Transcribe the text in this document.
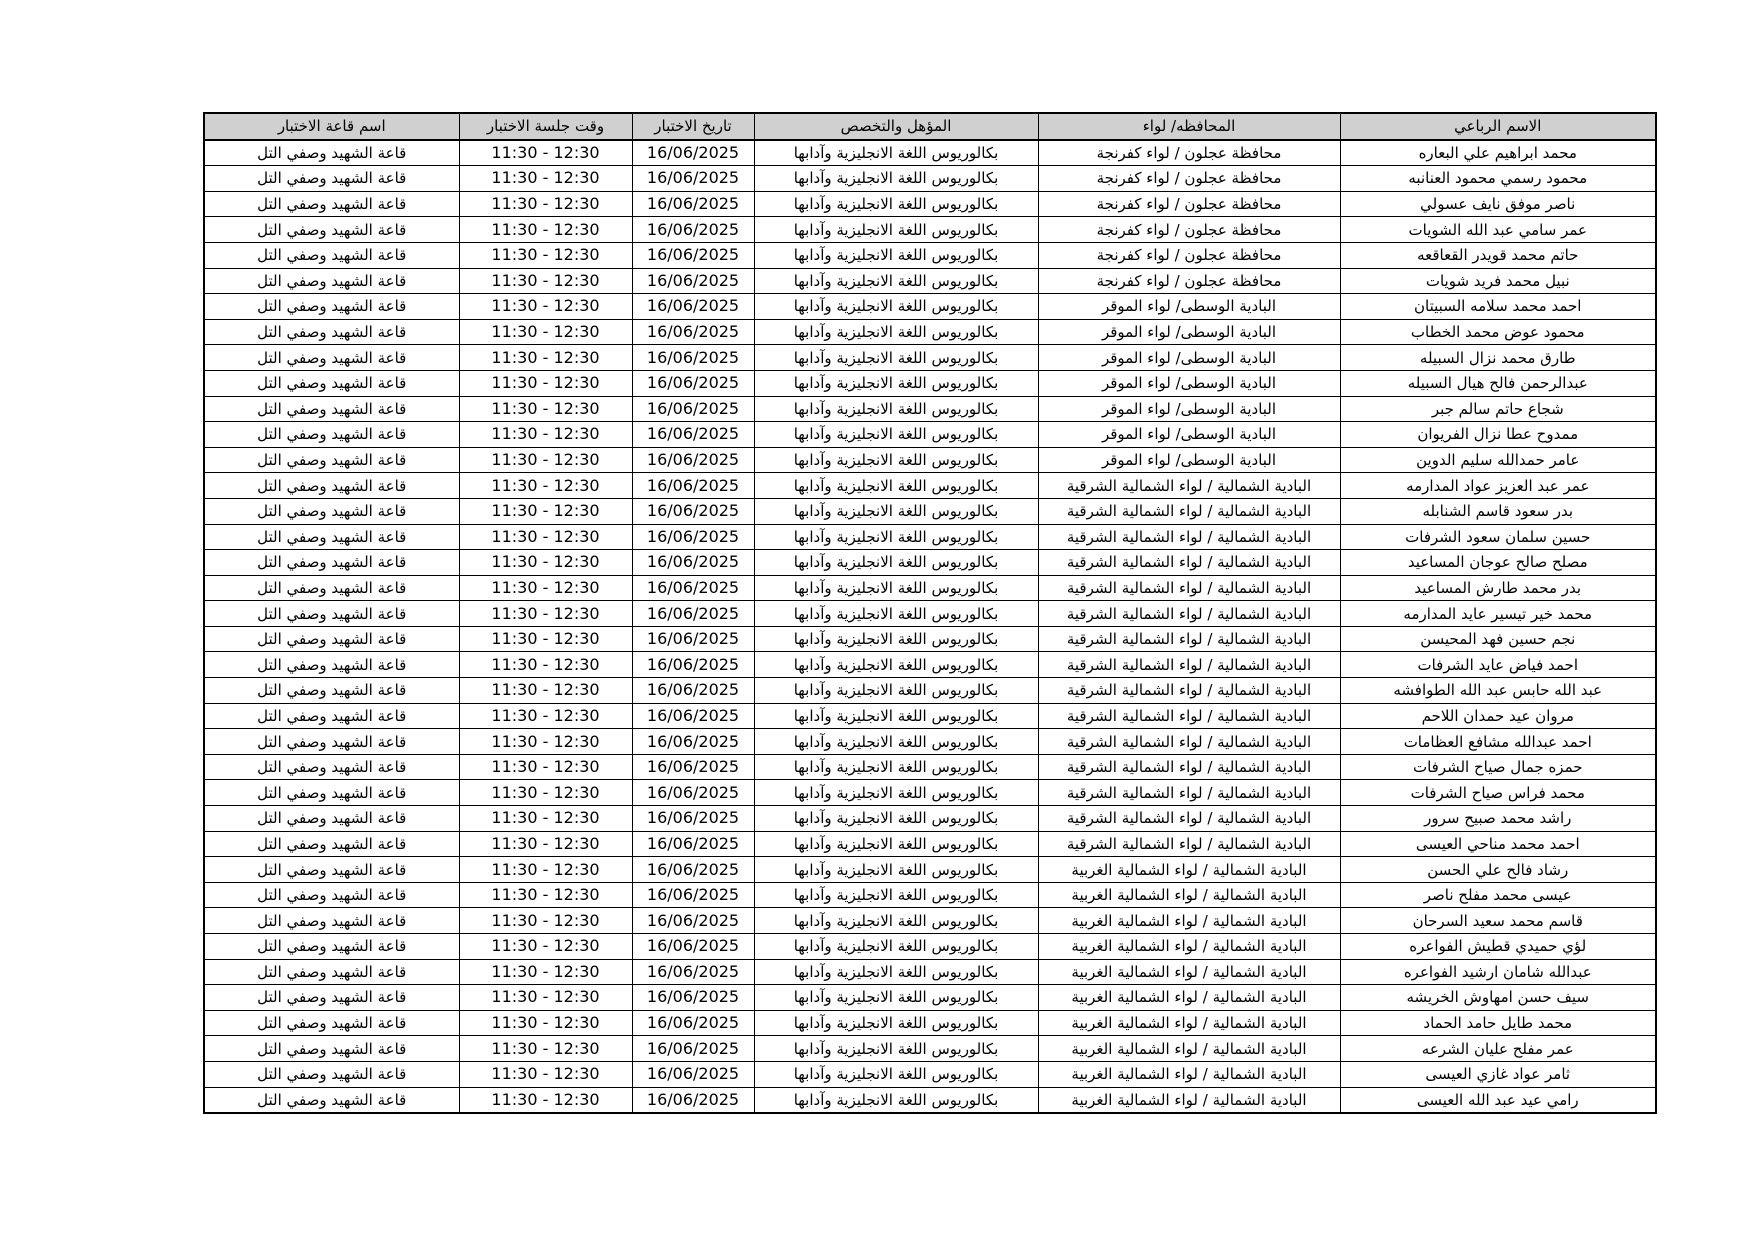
الاسم الرباعي	المحافظه/ لواء	المؤهل والتخصص	تاريخ الاختبار	وقت جلسة الاختبار	اسم قاعة الاختبار
محمد ابراهيم علي البعاره	محافظة عجلون / لواء كفرنجة	بكالوريوس اللغة الانجليزية وآدابها	16/06/2025	11:30 - 12:30	قاعة الشهيد وصفي التل
محمود رسمي محمود العنانبه	محافظة عجلون / لواء كفرنجة	بكالوريوس اللغة الانجليزية وآدابها	16/06/2025	11:30 - 12:30	قاعة الشهيد وصفي التل
ناصر موفق نايف عسولي	محافظة عجلون / لواء كفرنجة	بكالوريوس اللغة الانجليزية وآدابها	16/06/2025	11:30 - 12:30	قاعة الشهيد وصفي التل
عمر سامي عبد الله الشويات	محافظة عجلون / لواء كفرنجة	بكالوريوس اللغة الانجليزية وآدابها	16/06/2025	11:30 - 12:30	قاعة الشهيد وصفي التل
حاتم محمد قويدر القعاقعه	محافظة عجلون / لواء كفرنجة	بكالوريوس اللغة الانجليزية وآدابها	16/06/2025	11:30 - 12:30	قاعة الشهيد وصفي التل
نبيل محمد فريد شويات	محافظة عجلون / لواء كفرنجة	بكالوريوس اللغة الانجليزية وآدابها	16/06/2025	11:30 - 12:30	قاعة الشهيد وصفي التل
احمد محمد سلامه السبيتان	البادية الوسطى/ لواء الموقر	بكالوريوس اللغة الانجليزية وآدابها	16/06/2025	11:30 - 12:30	قاعة الشهيد وصفي التل
محمود عوض محمد الخطاب	البادية الوسطى/ لواء الموقر	بكالوريوس اللغة الانجليزية وآدابها	16/06/2025	11:30 - 12:30	قاعة الشهيد وصفي التل
طارق محمد نزال السبيله	البادية الوسطى/ لواء الموقر	بكالوريوس اللغة الانجليزية وآدابها	16/06/2025	11:30 - 12:30	قاعة الشهيد وصفي التل
عبدالرحمن فالح هيال السبيله	البادية الوسطى/ لواء الموقر	بكالوريوس اللغة الانجليزية وآدابها	16/06/2025	11:30 - 12:30	قاعة الشهيد وصفي التل
شجاع حاتم سالم جبر	البادية الوسطى/ لواء الموقر	بكالوريوس اللغة الانجليزية وآدابها	16/06/2025	11:30 - 12:30	قاعة الشهيد وصفي التل
ممدوح عطا نزال الفريوان	البادية الوسطى/ لواء الموقر	بكالوريوس اللغة الانجليزية وآدابها	16/06/2025	11:30 - 12:30	قاعة الشهيد وصفي التل
عامر حمدالله سليم الدوين	البادية الوسطى/ لواء الموقر	بكالوريوس اللغة الانجليزية وآدابها	16/06/2025	11:30 - 12:30	قاعة الشهيد وصفي التل
عمر عبد العزيز عواد المدارمه	البادية الشمالية / لواء الشمالية الشرقية	بكالوريوس اللغة الانجليزية وآدابها	16/06/2025	11:30 - 12:30	قاعة الشهيد وصفي التل
بدر سعود قاسم الشنابله	البادية الشمالية / لواء الشمالية الشرقية	بكالوريوس اللغة الانجليزية وآدابها	16/06/2025	11:30 - 12:30	قاعة الشهيد وصفي التل
حسين سلمان سعود الشرفات	البادية الشمالية / لواء الشمالية الشرقية	بكالوريوس اللغة الانجليزية وآدابها	16/06/2025	11:30 - 12:30	قاعة الشهيد وصفي التل
مصلح صالح عوجان المساعيد	البادية الشمالية / لواء الشمالية الشرقية	بكالوريوس اللغة الانجليزية وآدابها	16/06/2025	11:30 - 12:30	قاعة الشهيد وصفي التل
بدر محمد طارش المساعيد	البادية الشمالية / لواء الشمالية الشرقية	بكالوريوس اللغة الانجليزية وآدابها	16/06/2025	11:30 - 12:30	قاعة الشهيد وصفي التل
محمد خير تيسير عايد المدارمه	البادية الشمالية / لواء الشمالية الشرقية	بكالوريوس اللغة الانجليزية وآدابها	16/06/2025	11:30 - 12:30	قاعة الشهيد وصفي التل
نجم حسين فهد المحيسن	البادية الشمالية / لواء الشمالية الشرقية	بكالوريوس اللغة الانجليزية وآدابها	16/06/2025	11:30 - 12:30	قاعة الشهيد وصفي التل
احمد فياض عايد الشرفات	البادية الشمالية / لواء الشمالية الشرقية	بكالوريوس اللغة الانجليزية وآدابها	16/06/2025	11:30 - 12:30	قاعة الشهيد وصفي التل
عبد الله حابس عبد الله الطوافشه	البادية الشمالية / لواء الشمالية الشرقية	بكالوريوس اللغة الانجليزية وآدابها	16/06/2025	11:30 - 12:30	قاعة الشهيد وصفي التل
مروان عيد حمدان اللاحم	البادية الشمالية / لواء الشمالية الشرقية	بكالوريوس اللغة الانجليزية وآدابها	16/06/2025	11:30 - 12:30	قاعة الشهيد وصفي التل
احمد عبدالله مشافع العظامات	البادية الشمالية / لواء الشمالية الشرقية	بكالوريوس اللغة الانجليزية وآدابها	16/06/2025	11:30 - 12:30	قاعة الشهيد وصفي التل
حمزه جمال صياح الشرفات	البادية الشمالية / لواء الشمالية الشرقية	بكالوريوس اللغة الانجليزية وآدابها	16/06/2025	11:30 - 12:30	قاعة الشهيد وصفي التل
محمد فراس صياح الشرفات	البادية الشمالية / لواء الشمالية الشرقية	بكالوريوس اللغة الانجليزية وآدابها	16/06/2025	11:30 - 12:30	قاعة الشهيد وصفي التل
راشد محمد صبيح سرور	البادية الشمالية / لواء الشمالية الشرقية	بكالوريوس اللغة الانجليزية وآدابها	16/06/2025	11:30 - 12:30	قاعة الشهيد وصفي التل
احمد محمد مناحي العيسى	البادية الشمالية / لواء الشمالية الشرقية	بكالوريوس اللغة الانجليزية وآدابها	16/06/2025	11:30 - 12:30	قاعة الشهيد وصفي التل
رشاد فالح علي الحسن	البادية الشمالية / لواء الشمالية الغربية	بكالوريوس اللغة الانجليزية وآدابها	16/06/2025	11:30 - 12:30	قاعة الشهيد وصفي التل
عيسى محمد مفلح ناصر	البادية الشمالية / لواء الشمالية الغربية	بكالوريوس اللغة الانجليزية وآدابها	16/06/2025	11:30 - 12:30	قاعة الشهيد وصفي التل
قاسم محمد سعيد السرحان	البادية الشمالية / لواء الشمالية الغربية	بكالوريوس اللغة الانجليزية وآدابها	16/06/2025	11:30 - 12:30	قاعة الشهيد وصفي التل
لؤي حميدي قطيش الفواعره	البادية الشمالية / لواء الشمالية الغربية	بكالوريوس اللغة الانجليزية وآدابها	16/06/2025	11:30 - 12:30	قاعة الشهيد وصفي التل
عبدالله شامان ارشيد الفواعره	البادية الشمالية / لواء الشمالية الغربية	بكالوريوس اللغة الانجليزية وآدابها	16/06/2025	11:30 - 12:30	قاعة الشهيد وصفي التل
سيف حسن امهاوش الخريشه	البادية الشمالية / لواء الشمالية الغربية	بكالوريوس اللغة الانجليزية وآدابها	16/06/2025	11:30 - 12:30	قاعة الشهيد وصفي التل
محمد طايل حامد الحماد	البادية الشمالية / لواء الشمالية الغربية	بكالوريوس اللغة الانجليزية وآدابها	16/06/2025	11:30 - 12:30	قاعة الشهيد وصفي التل
عمر مفلح عليان الشرعه	البادية الشمالية / لواء الشمالية الغربية	بكالوريوس اللغة الانجليزية وآدابها	16/06/2025	11:30 - 12:30	قاعة الشهيد وصفي التل
ثامر عواد غازي العيسى	البادية الشمالية / لواء الشمالية الغربية	بكالوريوس اللغة الانجليزية وآدابها	16/06/2025	11:30 - 12:30	قاعة الشهيد وصفي التل
رامي عيد عبد الله العيسى	البادية الشمالية / لواء الشمالية الغربية	بكالوريوس اللغة الانجليزية وآدابها	16/06/2025	11:30 - 12:30	قاعة الشهيد وصفي التل
